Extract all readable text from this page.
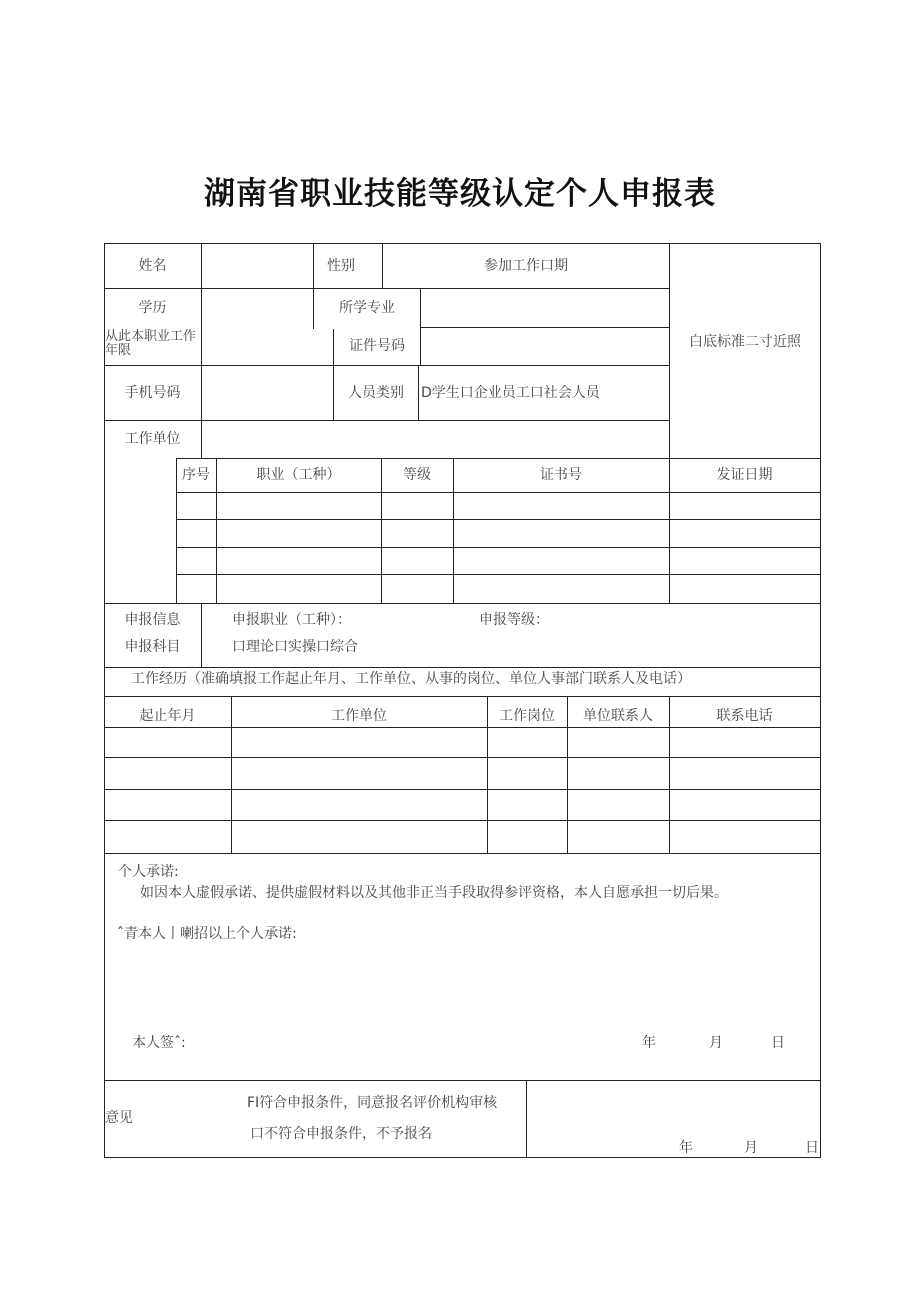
湖南省职业技能等级认定个人申报表
姓名	性别	参加工作口期
白底标准二寸近照
学历	所学专业
从此本职业工作年限	证件号码
手机号码	人员类别	D学生口企业员工口社会人员
工作单位
序号	职业（工种）	等级	证书号	发证日期
申报信息	申报职业（工种）：	申报等级：
申报科目	口理论口实操口综合
工作经历（准确填报工作起止年月、工作单位、从事的岗位、单位人事部门联系人及电话）
起止年月	工作单位	工作岗位	单位联系人	联系电话
个人承诺:
如因本人虚假承诺、提供虚假材料以及其他非正当手段取得参评资格，本人自愿承担一切后果。
ˆ青本人丨喇招以上个人承诺:
本人签ˆ:	年	月	日
意见
FI符合申报条件，同意报名评价机构审核
口不符合申报条件，不予报名
年	月	日
